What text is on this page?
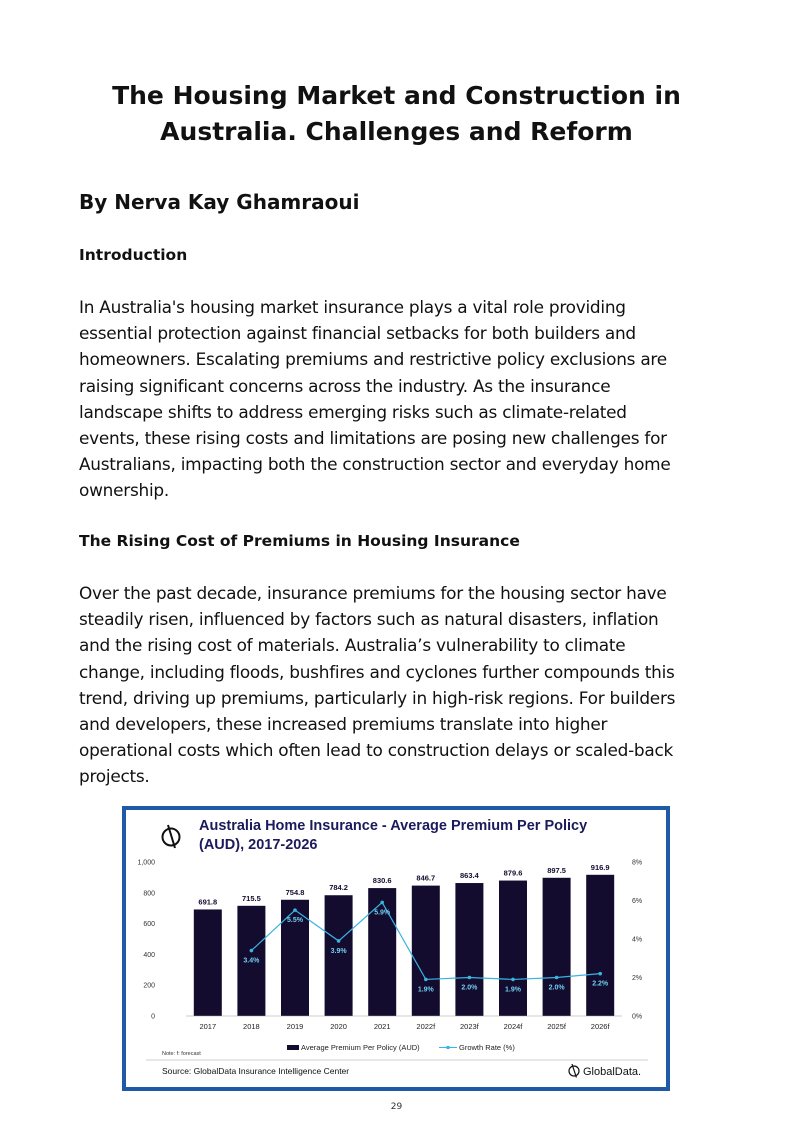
The Housing Market and Construction in
Australia. Challenges and Reform
By Nerva Kay Ghamraoui
Introduction

In Australia's housing market insurance plays a vital role providing
essential protection against financial setbacks for both builders and
homeowners. Escalating premiums and restrictive policy exclusions are
raising significant concerns across the industry. As the insurance
landscape shifts to address emerging risks such as climate-related
events, these rising costs and limitations are posing new challenges for
Australians, impacting both the construction sector and everyday home
ownership.

The Rising Cost of Premiums in Housing Insurance

Over the past decade, insurance premiums for the housing sector have
steadily risen, influenced by factors such as natural disasters, inflation
and the rising cost of materials. Australia’s vulnerability to climate
change, including floods, bushfires and cyclones further compounds this
trend, driving up premiums, particularly in high-risk regions. For builders
and developers, these increased premiums translate into higher
operational costs which often lead to construction delays or scaled-back
projects.

Australia Home Insurance - Average Premium Per Policy
(AUD), 2017-2026
0
200
400
600
800
1,000
0%
2%
4%
6%
8%
691.8	715.5
754.8
784.2
830.6	846.7	863.4	879.6	897.5	916.9
3.4%
5.5%
3.9%
5.9%
1.9%	2.0%	1.9%	2.0%
2.2%
2017	2018	2019	2020	2021	2022f	2023f	2024f	2025f	2026f
Note: f: forecast
Average Premium Per Policy (AUD)	Growth Rate (%)
Source: GlobalData Insurance Intelligence Center	GlobalData.
29
